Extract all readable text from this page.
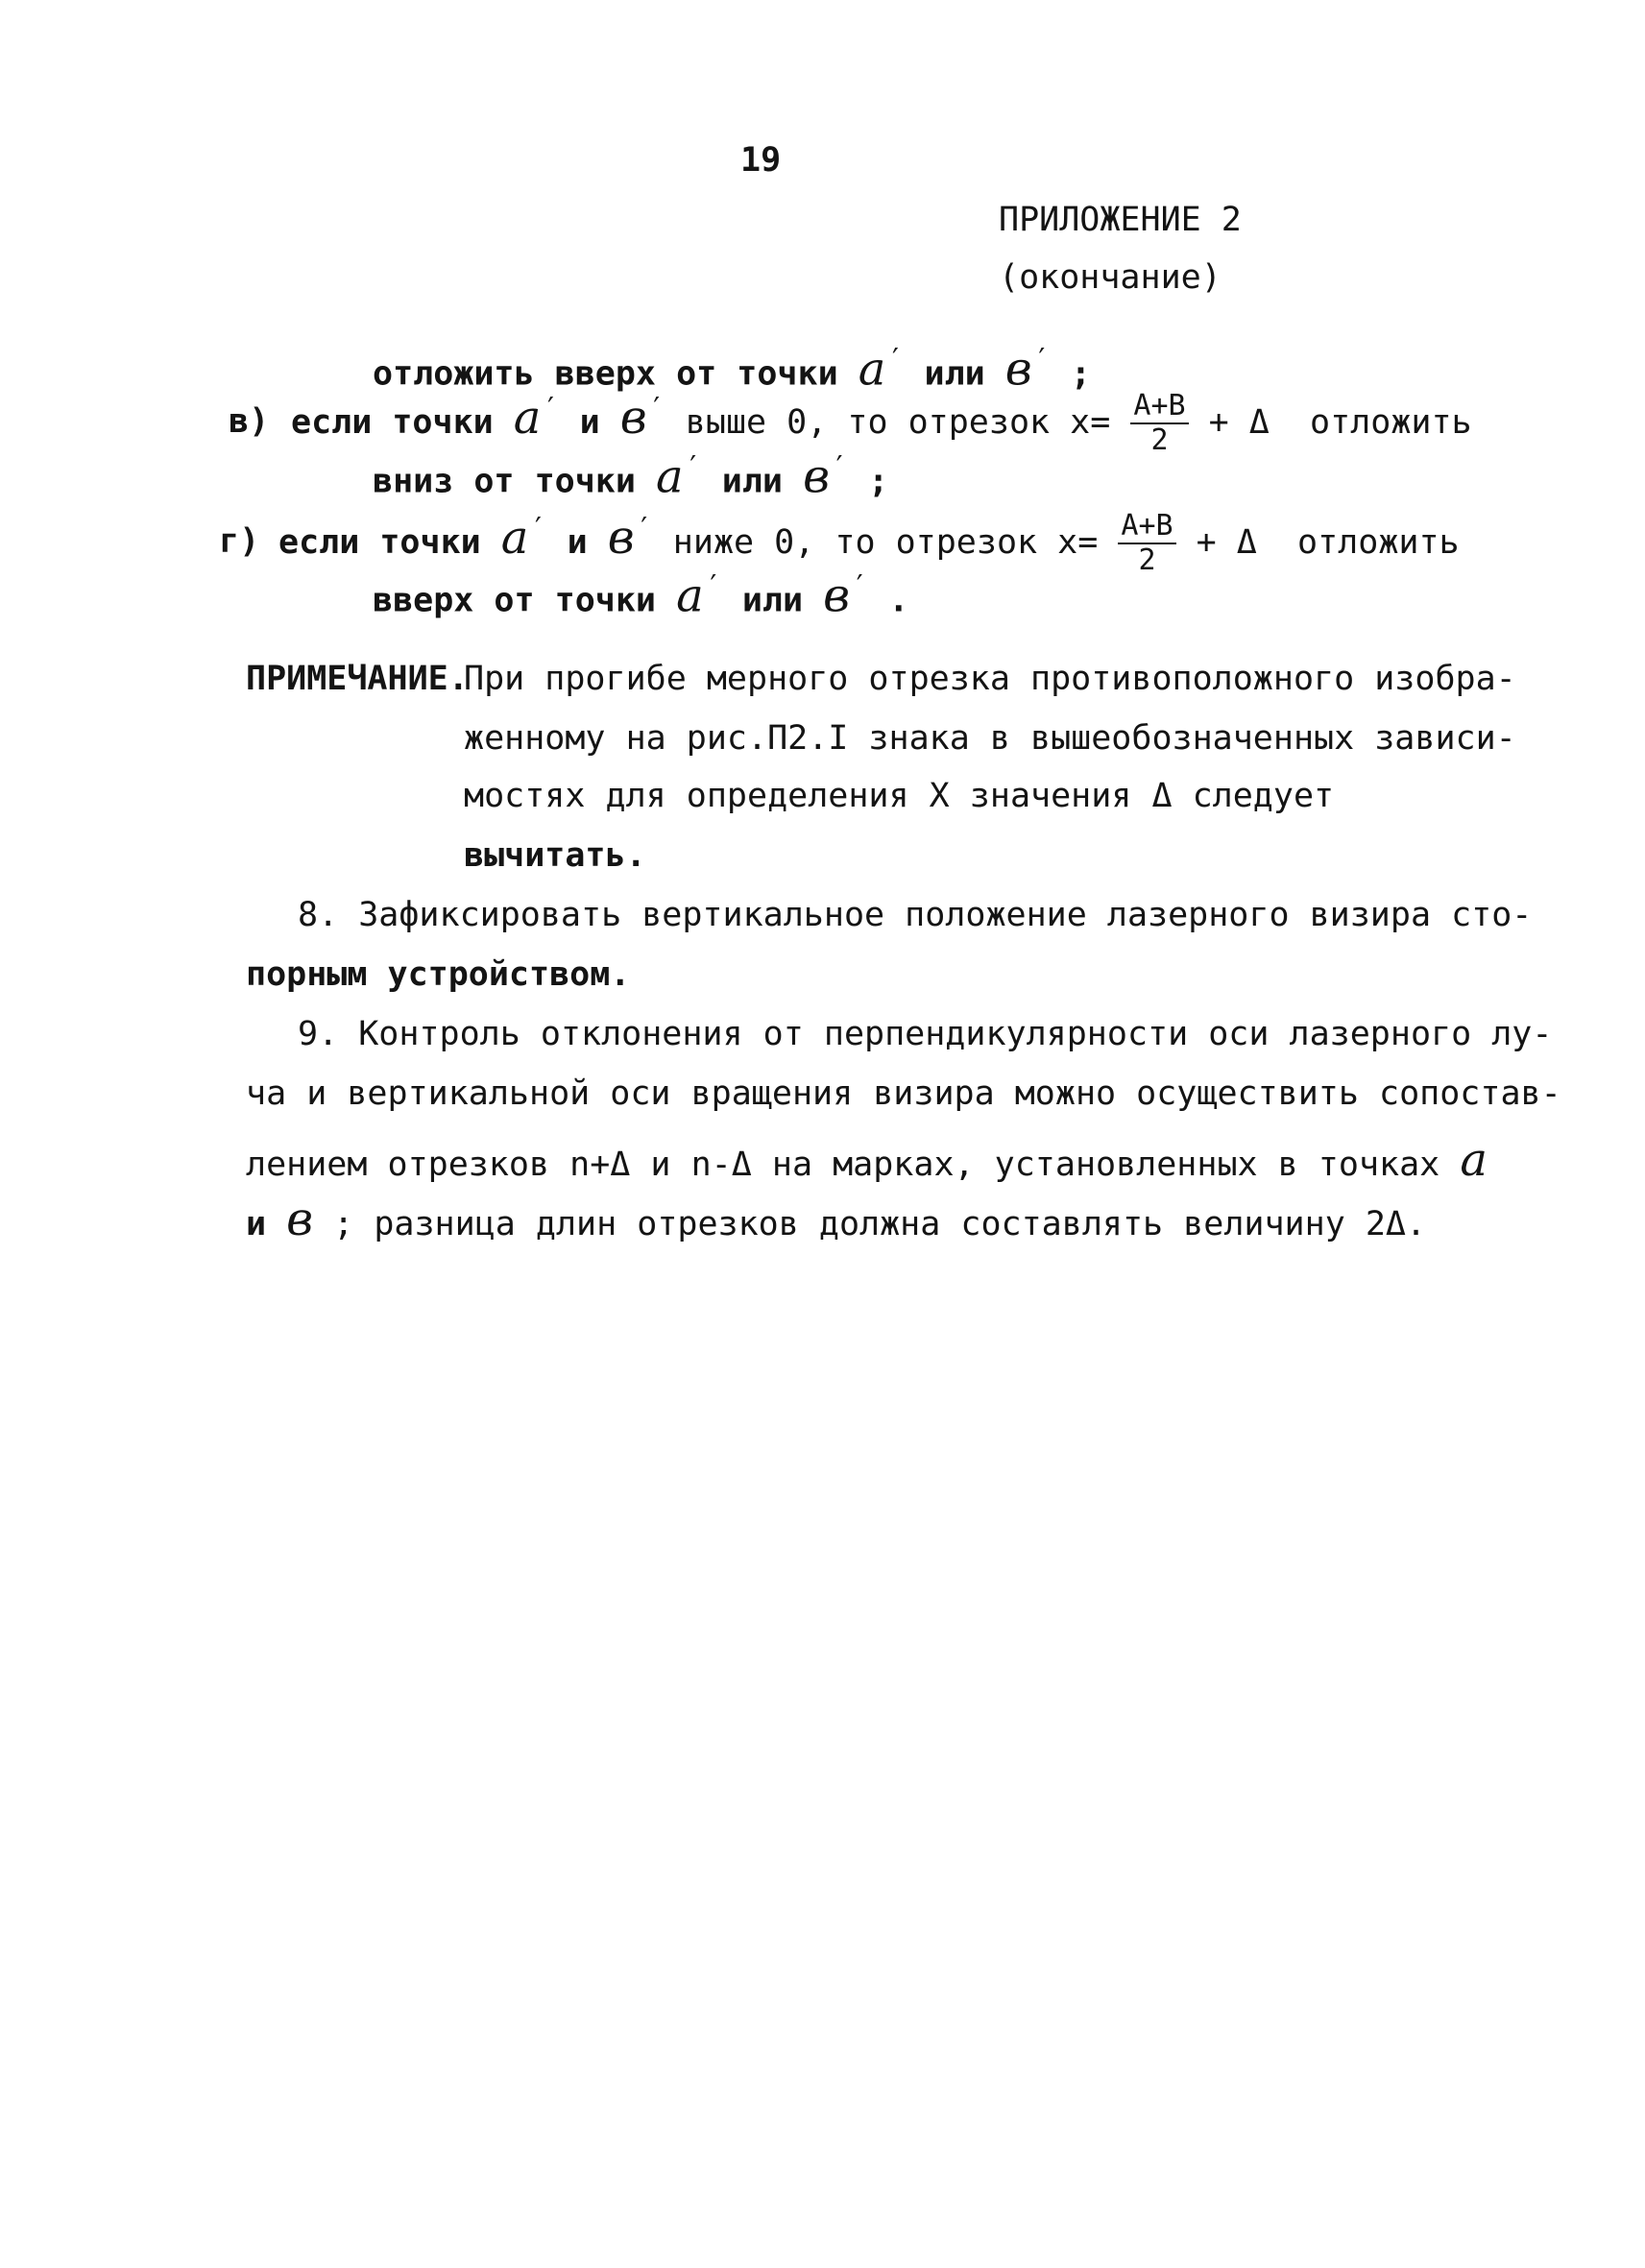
19
ПРИЛОЖЕНИЕ 2
(окончание)
отложить вверх от точки a′ или в′ ;
в) если точки a′ и в′ выше 0, то отрезок $x= \frac{A+B}{2} + \Delta$ отложить
вниз от точки a′ или в′ ;
г) если точки a′ и в′ ниже 0, то отрезок $x= \frac{A+B}{2} + \Delta$ отложить
вверх от точки a′ или в′ .
ПРИМЕЧАНИЕ.
При прогибе мерного отрезка противоположного изобра-
женному на рис.П2.I знака в вышеобозначенных зависи-
мостях для определения X значения Δ следует
вычитать.
8. Зафиксировать вертикальное положение лазерного визира сто-
порным устройством.
9. Контроль отклонения от перпендикулярности оси лазерного лу-
ча и вертикальной оси вращения визира можно осуществить сопостав-
лением отрезков n+Δ и n-Δ на марках, установленных в точках a
и в ; разница длин отрезков должна составлять величину 2Δ.
